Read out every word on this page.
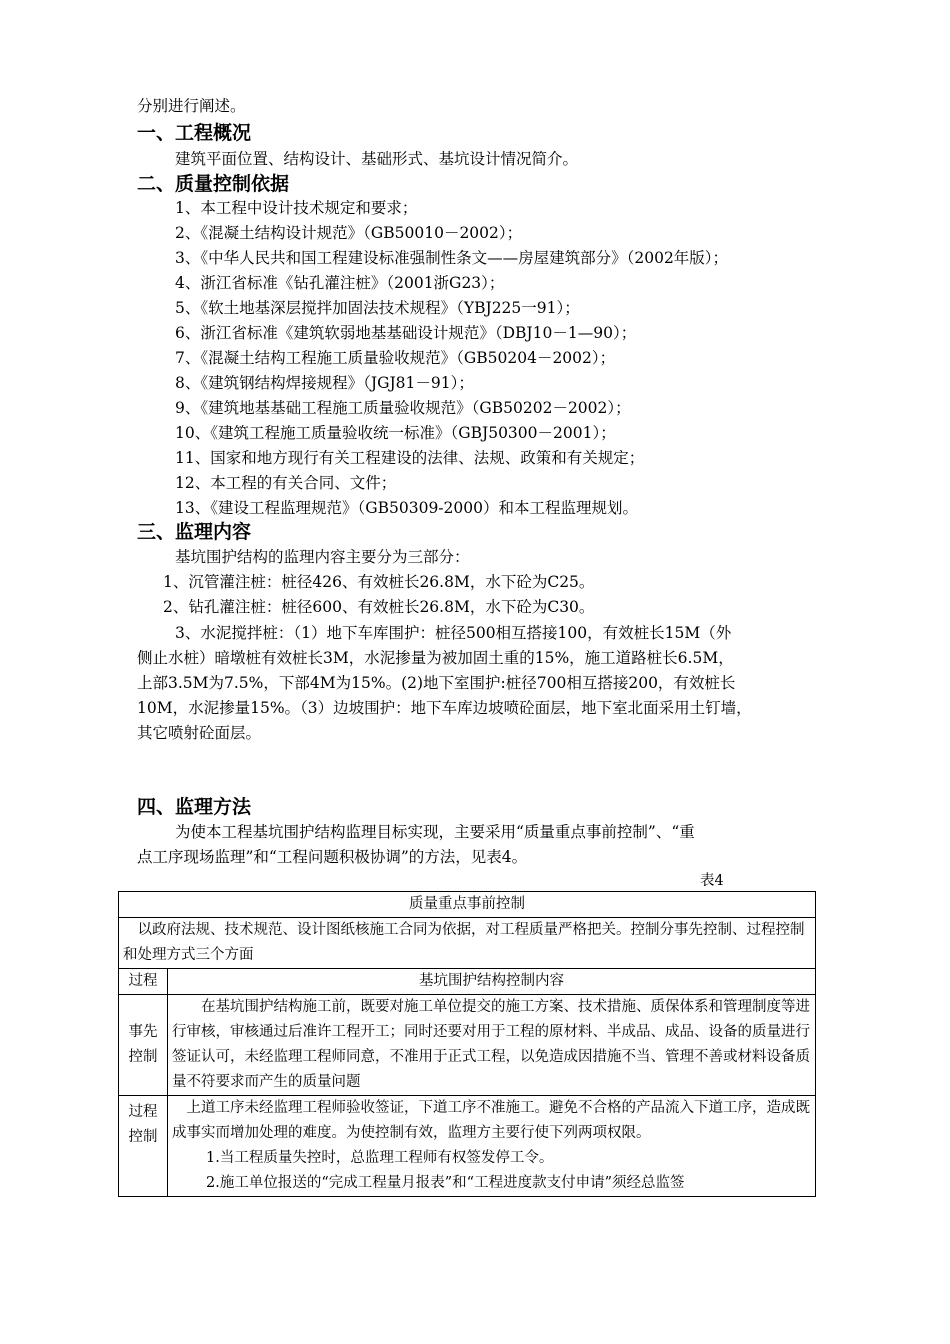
分别进行阐述。
一、工程概况
建筑平面位置、结构设计、基础形式、基坑设计情况简介。
二、质量控制依据
1、本工程中设计技术规定和要求；
2、《混凝土结构设计规范》（GB50010－2002）；
3、《中华人民共和国工程建设标准强制性条文——房屋建筑部分》（2002年版）；
4、浙江省标准《钻孔灌注桩》（2001浙G23）；
5、《软土地基深层搅拌加固法技术规程》（YBJ225一91）；
6、浙江省标准《建筑软弱地基基础设计规范》（DBJ10－1—90）；
7、《混凝土结构工程施工质量验收规范》（GB50204－2002）；
8、《建筑钢结构焊接规程》（JGJ81－91）；
9、《建筑地基基础工程施工质量验收规范》（GB50202－2002）；
10、《建筑工程施工质量验收统一标准》（GBJ50300－2001）；
11、国家和地方现行有关工程建设的法律、法规、政策和有关规定；
12、本工程的有关合同、文件；
13、《建设工程监理规范》（GB50309-2000）和本工程监理规划。
三、监理内容
基坑围护结构的监理内容主要分为三部分：
1、沉管灌注桩：桩径426、有效桩长26.8M，水下砼为C25。
2、钻孔灌注桩：桩径600、有效桩长26.8M，水下砼为C30。
3、水泥搅拌桩：（1）地下车库围护：桩径500相互搭接100，有效桩长15M（外
侧止水桩）暗墩桩有效桩长3M，水泥掺量为被加固土重的15%，施工道路桩长6.5M，
上部3.5M为7.5%，下部4M为15%。(2)地下室围护:桩径700相互搭接200，有效桩长
10M，水泥掺量15%。（3）边坡围护：地下车库边坡喷砼面层，地下室北面采用土钉墙，
其它喷射砼面层。
四、监理方法
为使本工程基坑围护结构监理目标实现，主要采用“质量重点事前控制”、“重
点工序现场监理”和“工程问题积极协调”的方法，见表4。
表4
质量重点事前控制	
以政府法规、技术规范、设计图纸核施工合同为依据，对工程质量严格把关。控制分事先控制、过程控制和处理方式三个方面	
过程	基坑围护结构控制内容
事先控制	在基坑围护结构施工前，既要对施工单位提交的施工方案、技术措施、质保体系和管理制度等进行审核，审核通过后准许工程开工；同时还要对用于工程的原材料、半成品、成品、设备的质量进行签证认可，未经监理工程师同意，不准用于正式工程，以免造成因措施不当、管理不善或材料设备质量不符要求而产生的质量问题
过程控制	上道工序未经监理工程师验收签证，下道工序不准施工。避免不合格的产品流入下道工序，造成既成事实而增加处理的难度。为使控制有效，监理方主要行使下列两项权限。

1.当工程质量失控时，总监理工程师有权签发停工令。

2.施工单位报送的“完成工程量月报表”和“工程进度款支付申请”须经总监签
